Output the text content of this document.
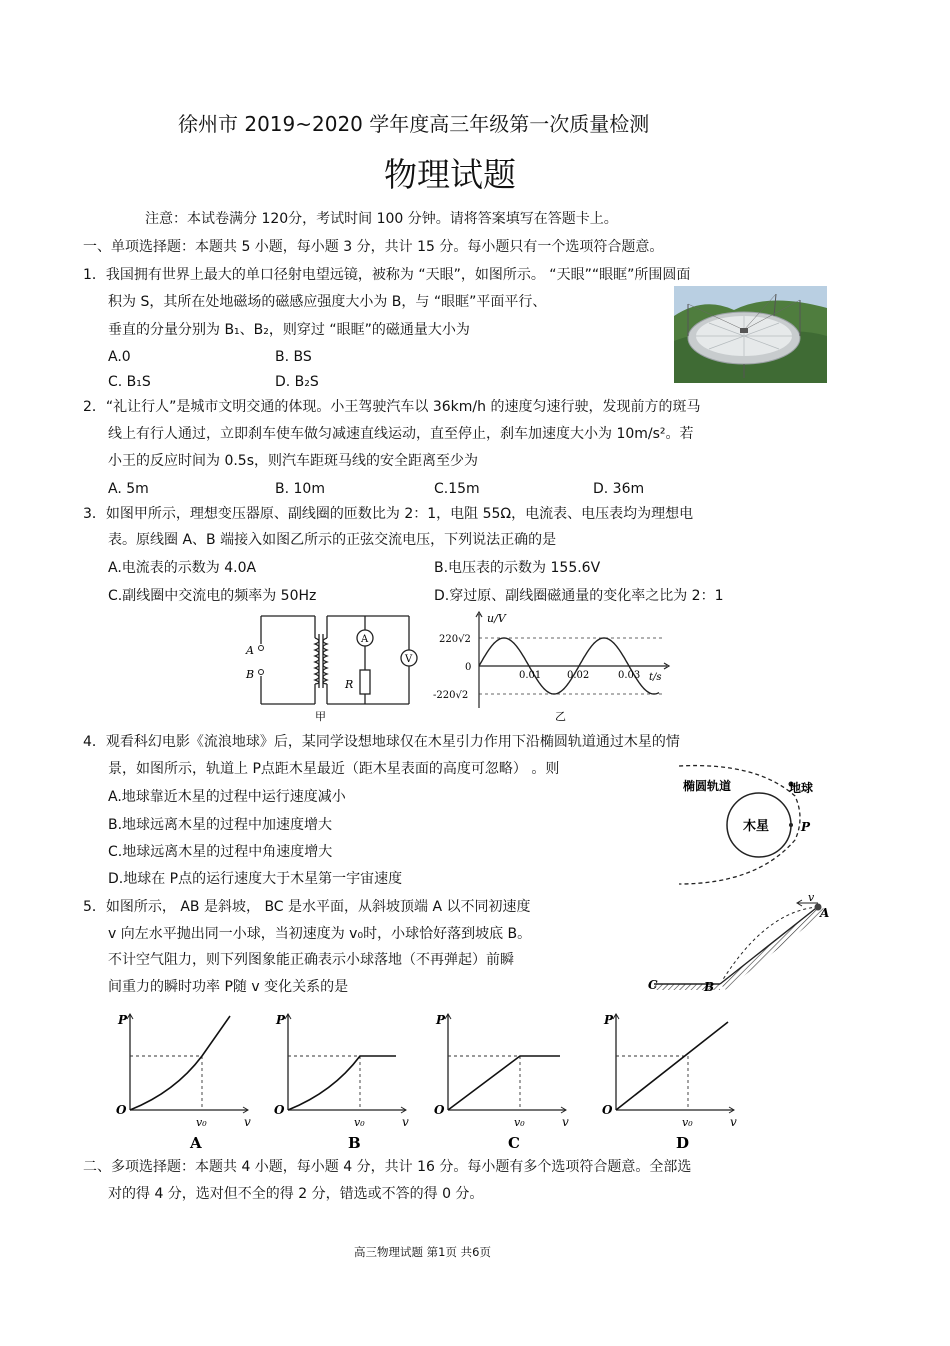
徐州市 2019~2020 学年度高三年级第一次质量检测
物理试题
注意：本试卷满分 120分，考试时间 100 分钟。请将答案填写在答题卡上。
一、单项选择题：本题共 5 小题，每小题 3 分，共计 15 分。每小题只有一个选项符合题意。
1．我国拥有世界上最大的单口径射电望远镜，被称为 “天眼”，如图所示。 “天眼”“眼眶”所围圆面
积为 S，其所在处地磁场的磁感应强度大小为 B，与 “眼眶”平面平行、
垂直的分量分别为 B₁、B₂，则穿过 “眼眶”的磁通量大小为
A.0	B. BS
C. B₁S	D. B₂S
2．“礼让行人”是城市文明交通的体现。小王驾驶汽车以 36km/h 的速度匀速行驶，发现前方的斑马
线上有行人通过，立即刹车使车做匀减速直线运动，直至停止，刹车加速度大小为 10m/s²。若
小王的反应时间为 0.5s，则汽车距斑马线的安全距离至少为
A. 5m	B. 10m	C.15m	D. 36m
3．如图甲所示，理想变压器原、副线圈的匝数比为 2：1，电阻 55Ω，电流表、电压表均为理想电
表。原线圈 A、B 端接入如图乙所示的正弦交流电压，下列说法正确的是
A.电流表的示数为 4.0A	B.电压表的示数为 155.6V
C.副线圈中交流电的频率为 50Hz	D.穿过原、副线圈磁通量的变化率之比为 2：1
A
B
A
V
R
甲
u/V
220√2
0
-220√2
0.01	0.02	0.03 t/s
乙
4．观看科幻电影《流浪地球》后，某同学设想地球仅在木星引力作用下沿椭圆轨道通过木星的情
景，如图所示，轨道上 P点距木星最近（距木星表面的高度可忽略） 。则
A.地球靠近木星的过程中运行速度减小
B.地球远离木星的过程中加速度增大
C.地球远离木星的过程中角速度增大
D.地球在 P点的运行速度大于木星第一宇宙速度
椭圆轨道	地球
木星	P
5．如图所示， AB 是斜坡， BC 是水平面，从斜坡顶端 A 以不同初速度
v 向左水平抛出同一小球，当初速度为 v₀时，小球恰好落到坡底 B。
不计空气阻力，则下列图象能正确表示小球落地（不再弹起）前瞬
间重力的瞬时功率 P随 v 变化关系的是	C	B
A
v
P
O
v₀	v
A
P
O
v₀	v
B
P
O
v₀	v
C
P
O
v₀	v
D
二、多项选择题：本题共 4 小题，每小题 4 分，共计 16 分。每小题有多个选项符合题意。全部选
对的得 4 分，选对但不全的得 2 分，错选或不答的得 0 分。
高三物理试题 第1页 共6页
